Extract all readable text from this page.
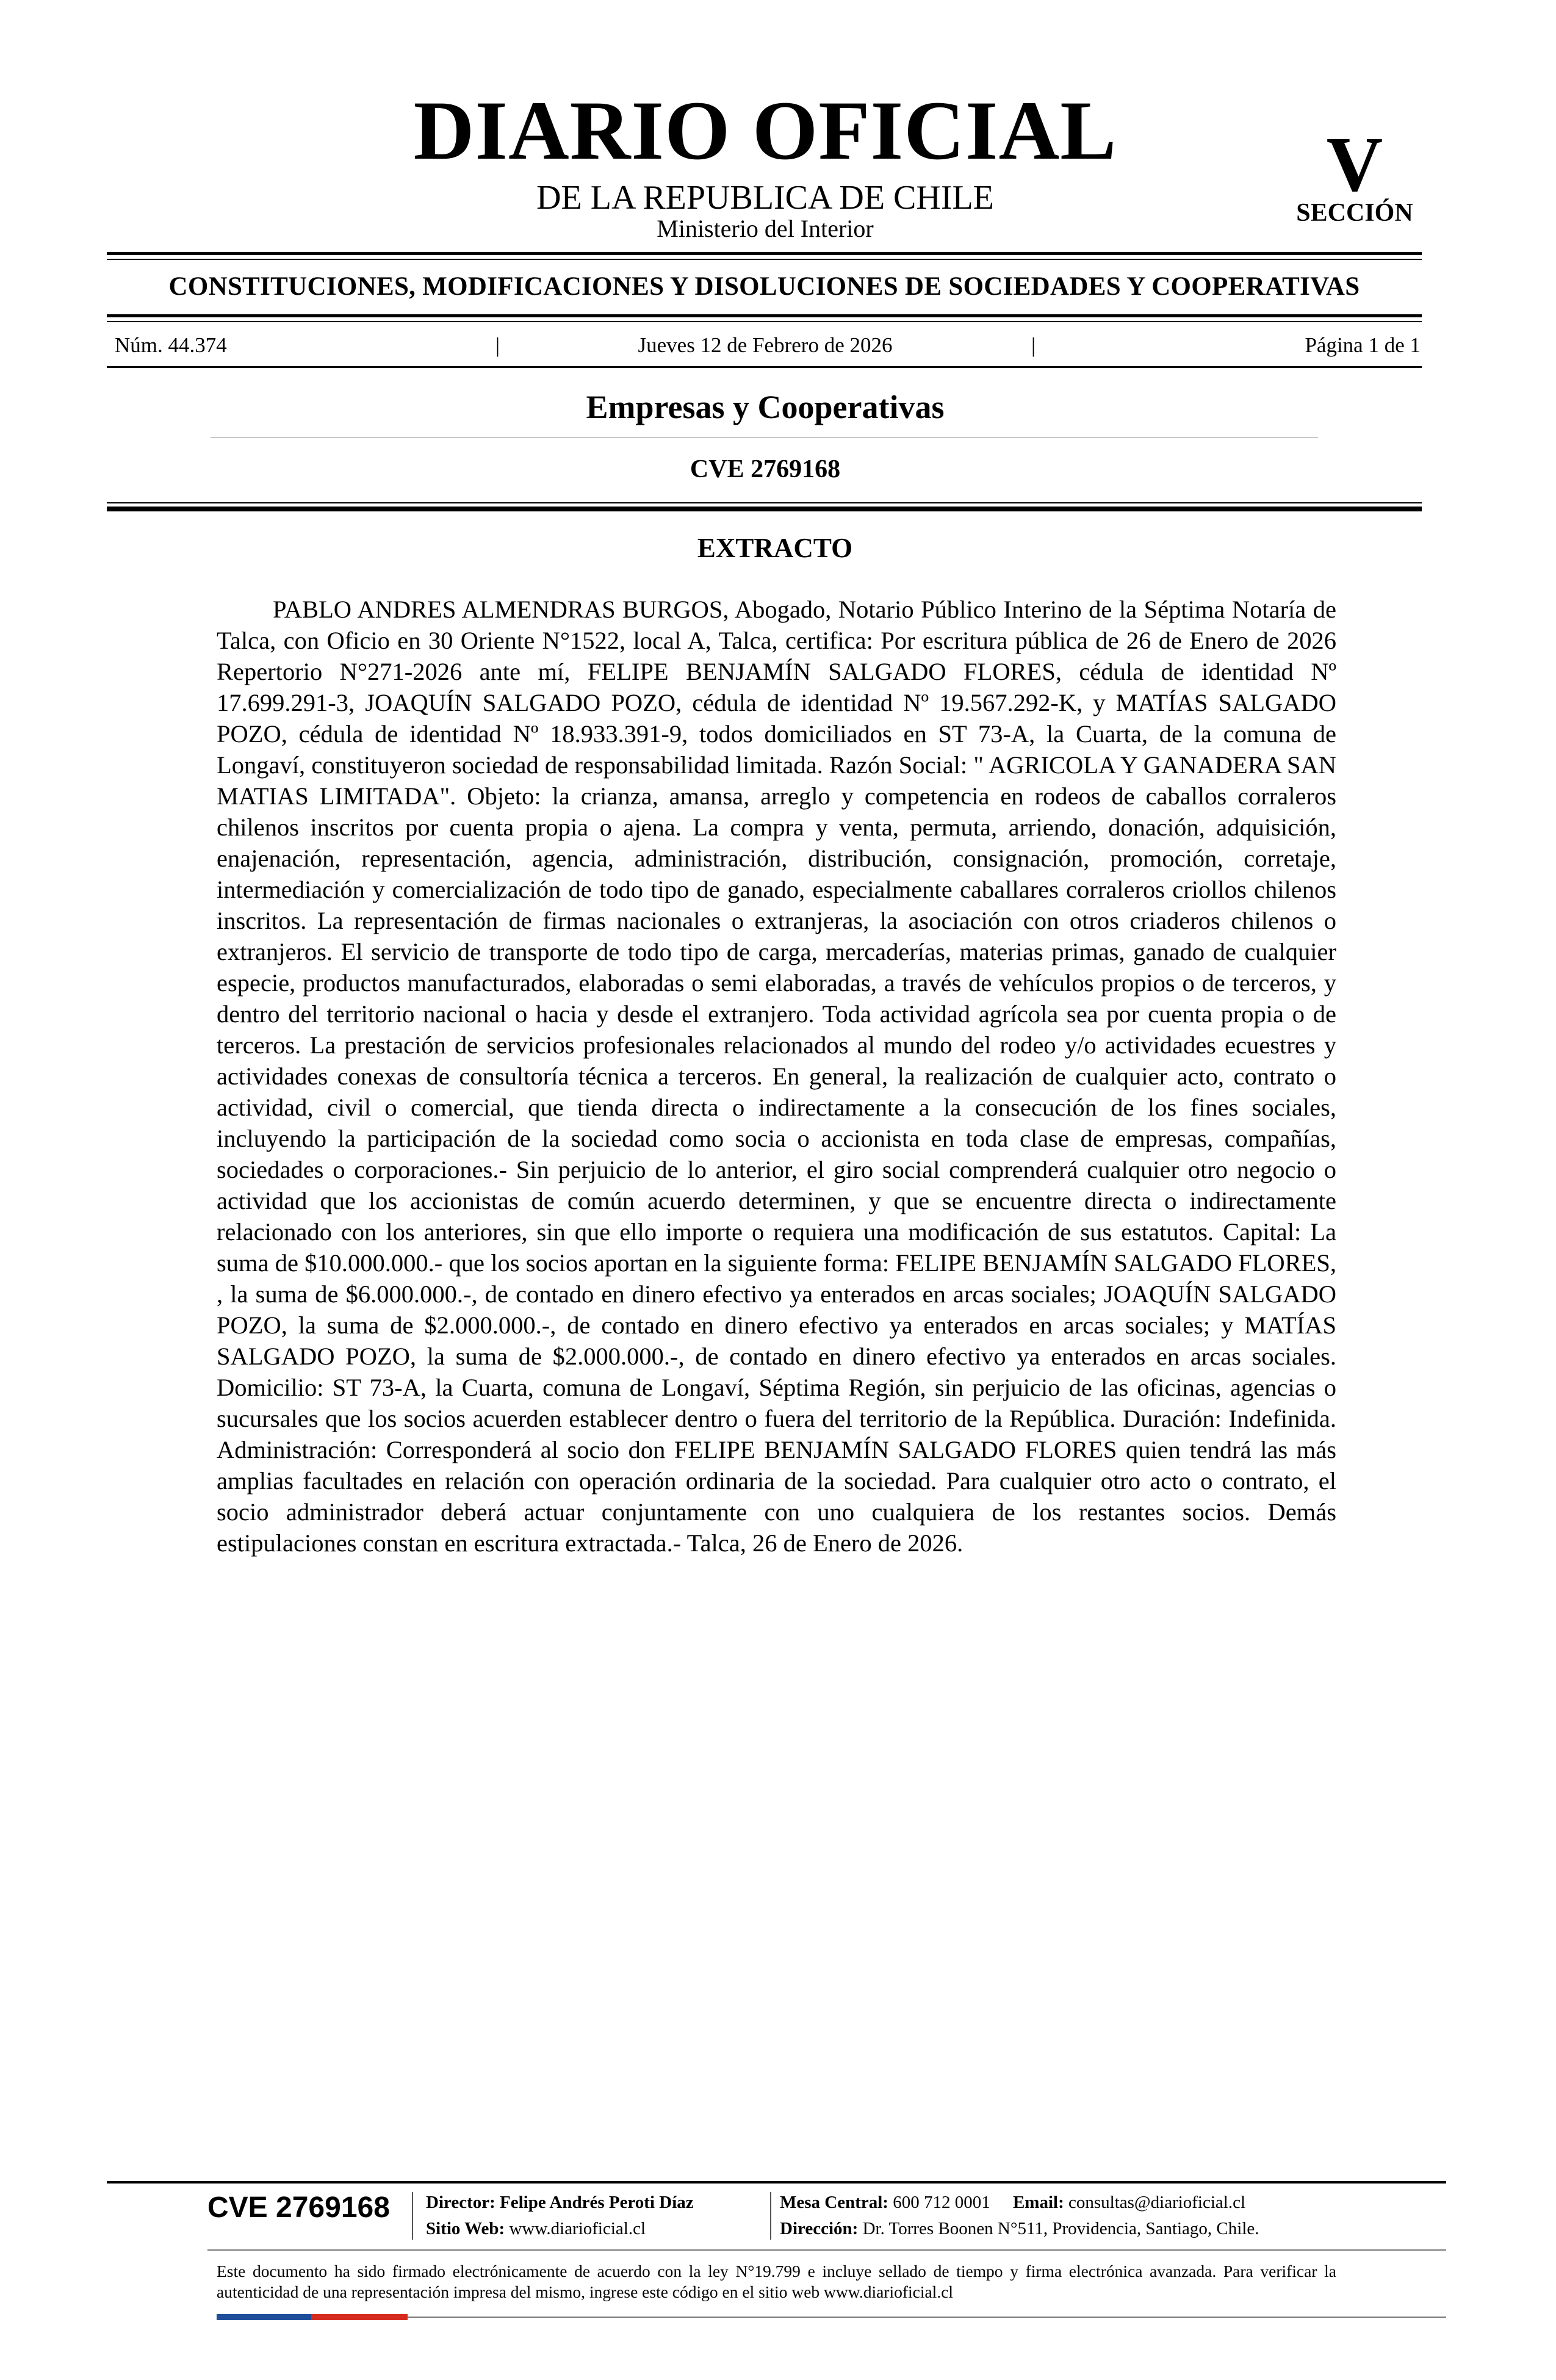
DIARIO OFICIAL
DE LA REPUBLICA DE CHILE
Ministerio del Interior
V
SECCIÓN
CONSTITUCIONES, MODIFICACIONES Y DISOLUCIONES DE SOCIEDADES Y COOPERATIVAS
Núm. 44.374	|	Jueves 12 de Febrero de 2026	|	Página 1 de 1
Empresas y Cooperativas
CVE 2769168
EXTRACTO

PABLO ANDRES ALMENDRAS BURGOS, Abogado, Notario Público Interino de la Séptima Notaría de Talca, con Oficio en 30 Oriente N°1522, local A, Talca, certifica: Por escritura pública de 26 de Enero de 2026 Repertorio N°271-2026 ante mí, FELIPE BENJAMÍN SALGADO FLORES, cédula de identidad Nº 17.699.291-3, JOAQUÍN SALGADO POZO, cédula de identidad Nº 19.567.292-K, y MATÍAS SALGADO POZO, cédula de identidad Nº 18.933.391-9, todos domiciliados en ST 73-A, la Cuarta, de la comuna de Longaví, constituyeron sociedad de responsabilidad limitada. Razón Social: " AGRICOLA Y GANADERA SAN MATIAS LIMITADA". Objeto: la crianza, amansa, arreglo y competencia en rodeos de caballos corraleros chilenos inscritos por cuenta propia o ajena. La compra y venta, permuta, arriendo, donación, adquisición, enajenación, representación, agencia, administración, distribución, consignación, promoción, corretaje, intermediación y comercialización de todo tipo de ganado, especialmente caballares corraleros criollos chilenos inscritos. La representación de firmas nacionales o extranjeras, la asociación con otros criaderos chilenos o extranjeros. El servicio de transporte de todo tipo de carga, mercaderías, materias primas, ganado de cualquier especie, productos manufacturados, elaboradas o semi elaboradas, a través de vehículos propios o de terceros, y dentro del territorio nacional o hacia y desde el extranjero. Toda actividad agrícola sea por cuenta propia o de terceros. La prestación de servicios profesionales relacionados al mundo del rodeo y/o actividades ecuestres y actividades conexas de consultoría técnica a terceros. En general, la realización de cualquier acto, contrato o actividad, civil o comercial, que tienda directa o indirectamente a la consecución de los fines sociales, incluyendo la participación de la sociedad como socia o accionista en toda clase de empresas, compañías, sociedades o corporaciones.- Sin perjuicio de lo anterior, el giro social comprenderá cualquier otro negocio o actividad que los accionistas de común acuerdo determinen, y que se encuentre directa o indirectamente relacionado con los anteriores, sin que ello importe o requiera una modificación de sus estatutos. Capital: La suma de $10.000.000.- que los socios aportan en la siguiente forma: FELIPE BENJAMÍN SALGADO FLORES, , la suma de $6.000.000.-, de contado en dinero efectivo ya enterados en arcas sociales; JOAQUÍN SALGADO POZO, la suma de $2.000.000.-, de contado en dinero efectivo ya enterados en arcas sociales; y MATÍAS SALGADO POZO, la suma de $2.000.000.-, de contado en dinero efectivo ya enterados en arcas sociales. Domicilio: ST 73-A, la Cuarta, comuna de Longaví, Séptima Región, sin perjuicio de las oficinas, agencias o sucursales que los socios acuerden establecer dentro o fuera del territorio de la República. Duración: Indefinida. Administración: Corresponderá al socio don FELIPE BENJAMÍN SALGADO FLORES quien tendrá las más amplias facultades en relación con operación ordinaria de la sociedad. Para cualquier otro acto o contrato, el socio administrador deberá actuar conjuntamente con uno cualquiera de los restantes socios. Demás estipulaciones constan en escritura extractada.- Talca, 26 de Enero de 2026.

CVE 2769168 Director: Felipe Andrés Peroti Díaz
Sitio Web: www.diarioficial.cl
Mesa Central: 600 712 0001 Email: consultas@diarioficial.cl
Dirección: Dr. Torres Boonen N°511, Providencia, Santiago, Chile.
Este documento ha sido firmado electrónicamente de acuerdo con la ley N°19.799 e incluye sellado de tiempo y firma electrónica avanzada. Para verificar la autenticidad de una representación impresa del mismo, ingrese este código en el sitio web www.diarioficial.cl
